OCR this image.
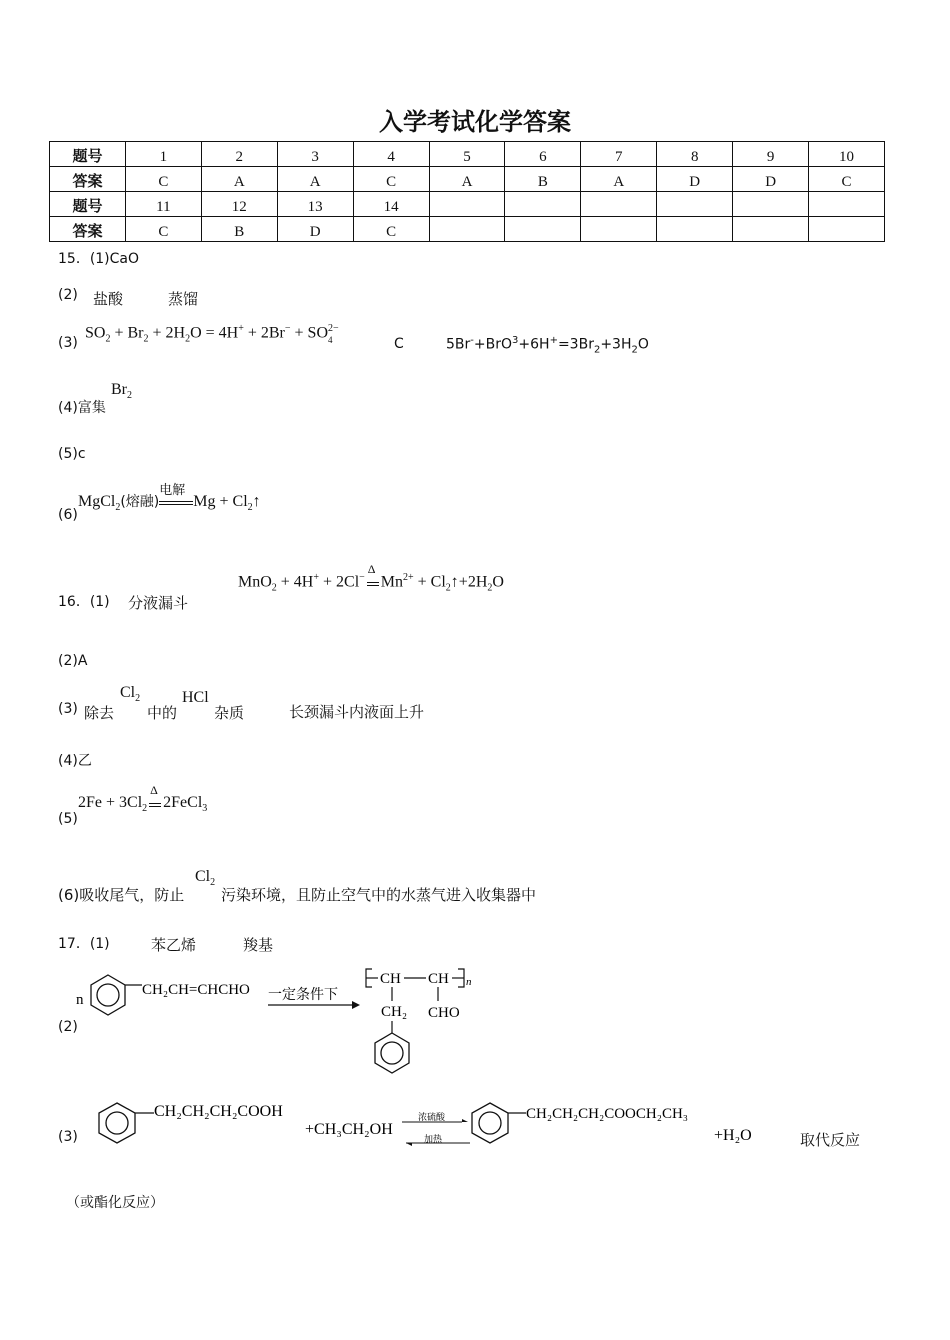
入学考试化学答案
题号	1	2	3	4	5	6	7	8	9	10
答案	C	A	A	C	A	B	A	D	D	C
题号	11	12	13	14						
答案	C	B	D	C						
15．(1)CaO
(2) 盐酸	蒸馏
(3)
$SO_2 + Br_2 + 2H_2O = 4H^+ + 2Br^- + SO^{2- 4}$	C	$5Br^-+BrO^3+6H^+=3Br_2+3H_2O$
(4)富集
$Br_2$
(5)c
(6)
MgCl$_2$(熔融)
电解

$Mg + Cl_2↑$
MnO$_2$ + 4H+ + 2Cl−
Δ

$Mn^{2+}$ + $Cl_2↑+2H_2O$
16．(1) 分液漏斗
(2)A
(3) 除去
$Cl_2$
中的
HCl
杂质	长颈漏斗内液面上升
(4)乙
$2Fe + 3Cl_2$
Δ

2FeCl$_3$
(5)
(6)吸收尾气，防止
$Cl_2$
污染环境，且防止空气中的水蒸气进入收集器中
17．(1)	苯乙烯	羧基
(2)
n
CH₂CH=CHCHO 一定条件下
CH CH n
CH₂ CHO
(3)
CH₂CH₂CH₂COOH
+CH₃CH₂OH
浓硫酸
加热
CH₂CH₂CH₂COOCH₂CH₃
+H₂O	取代反应
（或酯化反应）
